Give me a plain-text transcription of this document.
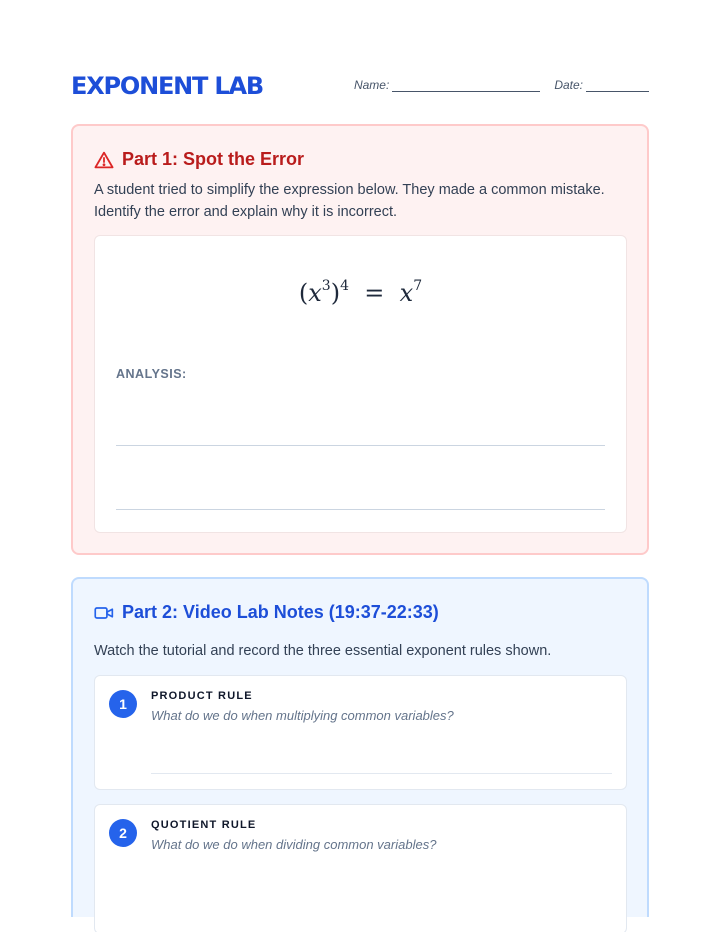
EXPONENT LAB	Name:	Date:
Part 1: Spot the Error

A student tried to simplify the expression below. They made a common mistake. Identify the error and explain why it is incorrect.

$(x^3)^4 = x^7$
ANALYSIS:
Part 2: Video Lab Notes (19:37-22:33)

Watch the tutorial and record the three essential exponent rules shown.

1	PRODUCT RULE
What do we do when multiplying common variables?
2	QUOTIENT RULE
What do we do when dividing common variables?
